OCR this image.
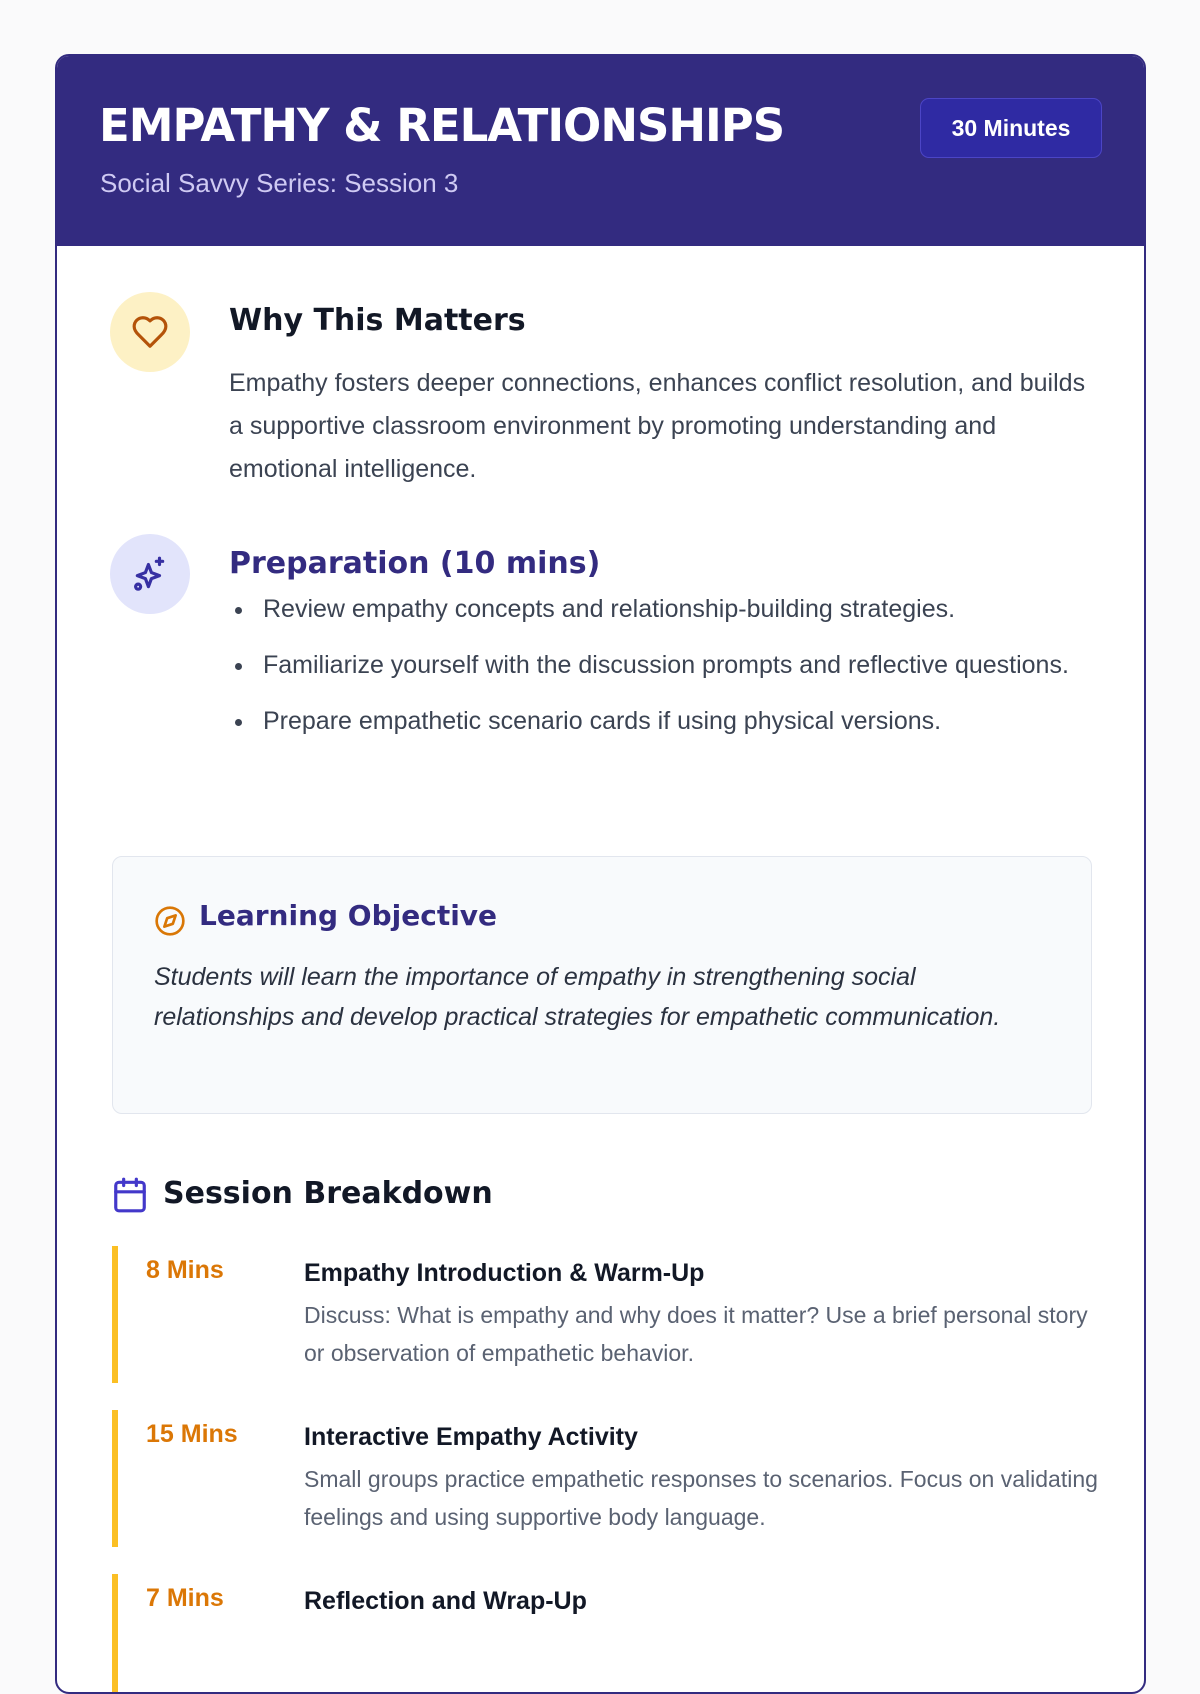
EMPATHY & RELATIONSHIPS
Social Savvy Series: Session 3
30 Minutes
Why This Matters

Empathy fosters deeper connections, enhances conflict resolution, and builds a supportive classroom environment by promoting understanding and emotional intelligence.

Preparation (10 mins)
Review empathy concepts and relationship-building strategies.
Familiarize yourself with the discussion prompts and reflective questions.
Prepare empathetic scenario cards if using physical versions.
Learning Objective

Students will learn the importance of empathy in strengthening social relationships and develop practical strategies for empathetic communication.

Session Breakdown
8 Mins	Empathy Introduction & Warm-Up
Discuss: What is empathy and why does it matter? Use a brief personal story or observation of empathetic behavior.
15 Mins	Interactive Empathy Activity
Small groups practice empathetic responses to scenarios. Focus on validating feelings and using supportive body language.
7 Mins	Reflection and Wrap-Up
